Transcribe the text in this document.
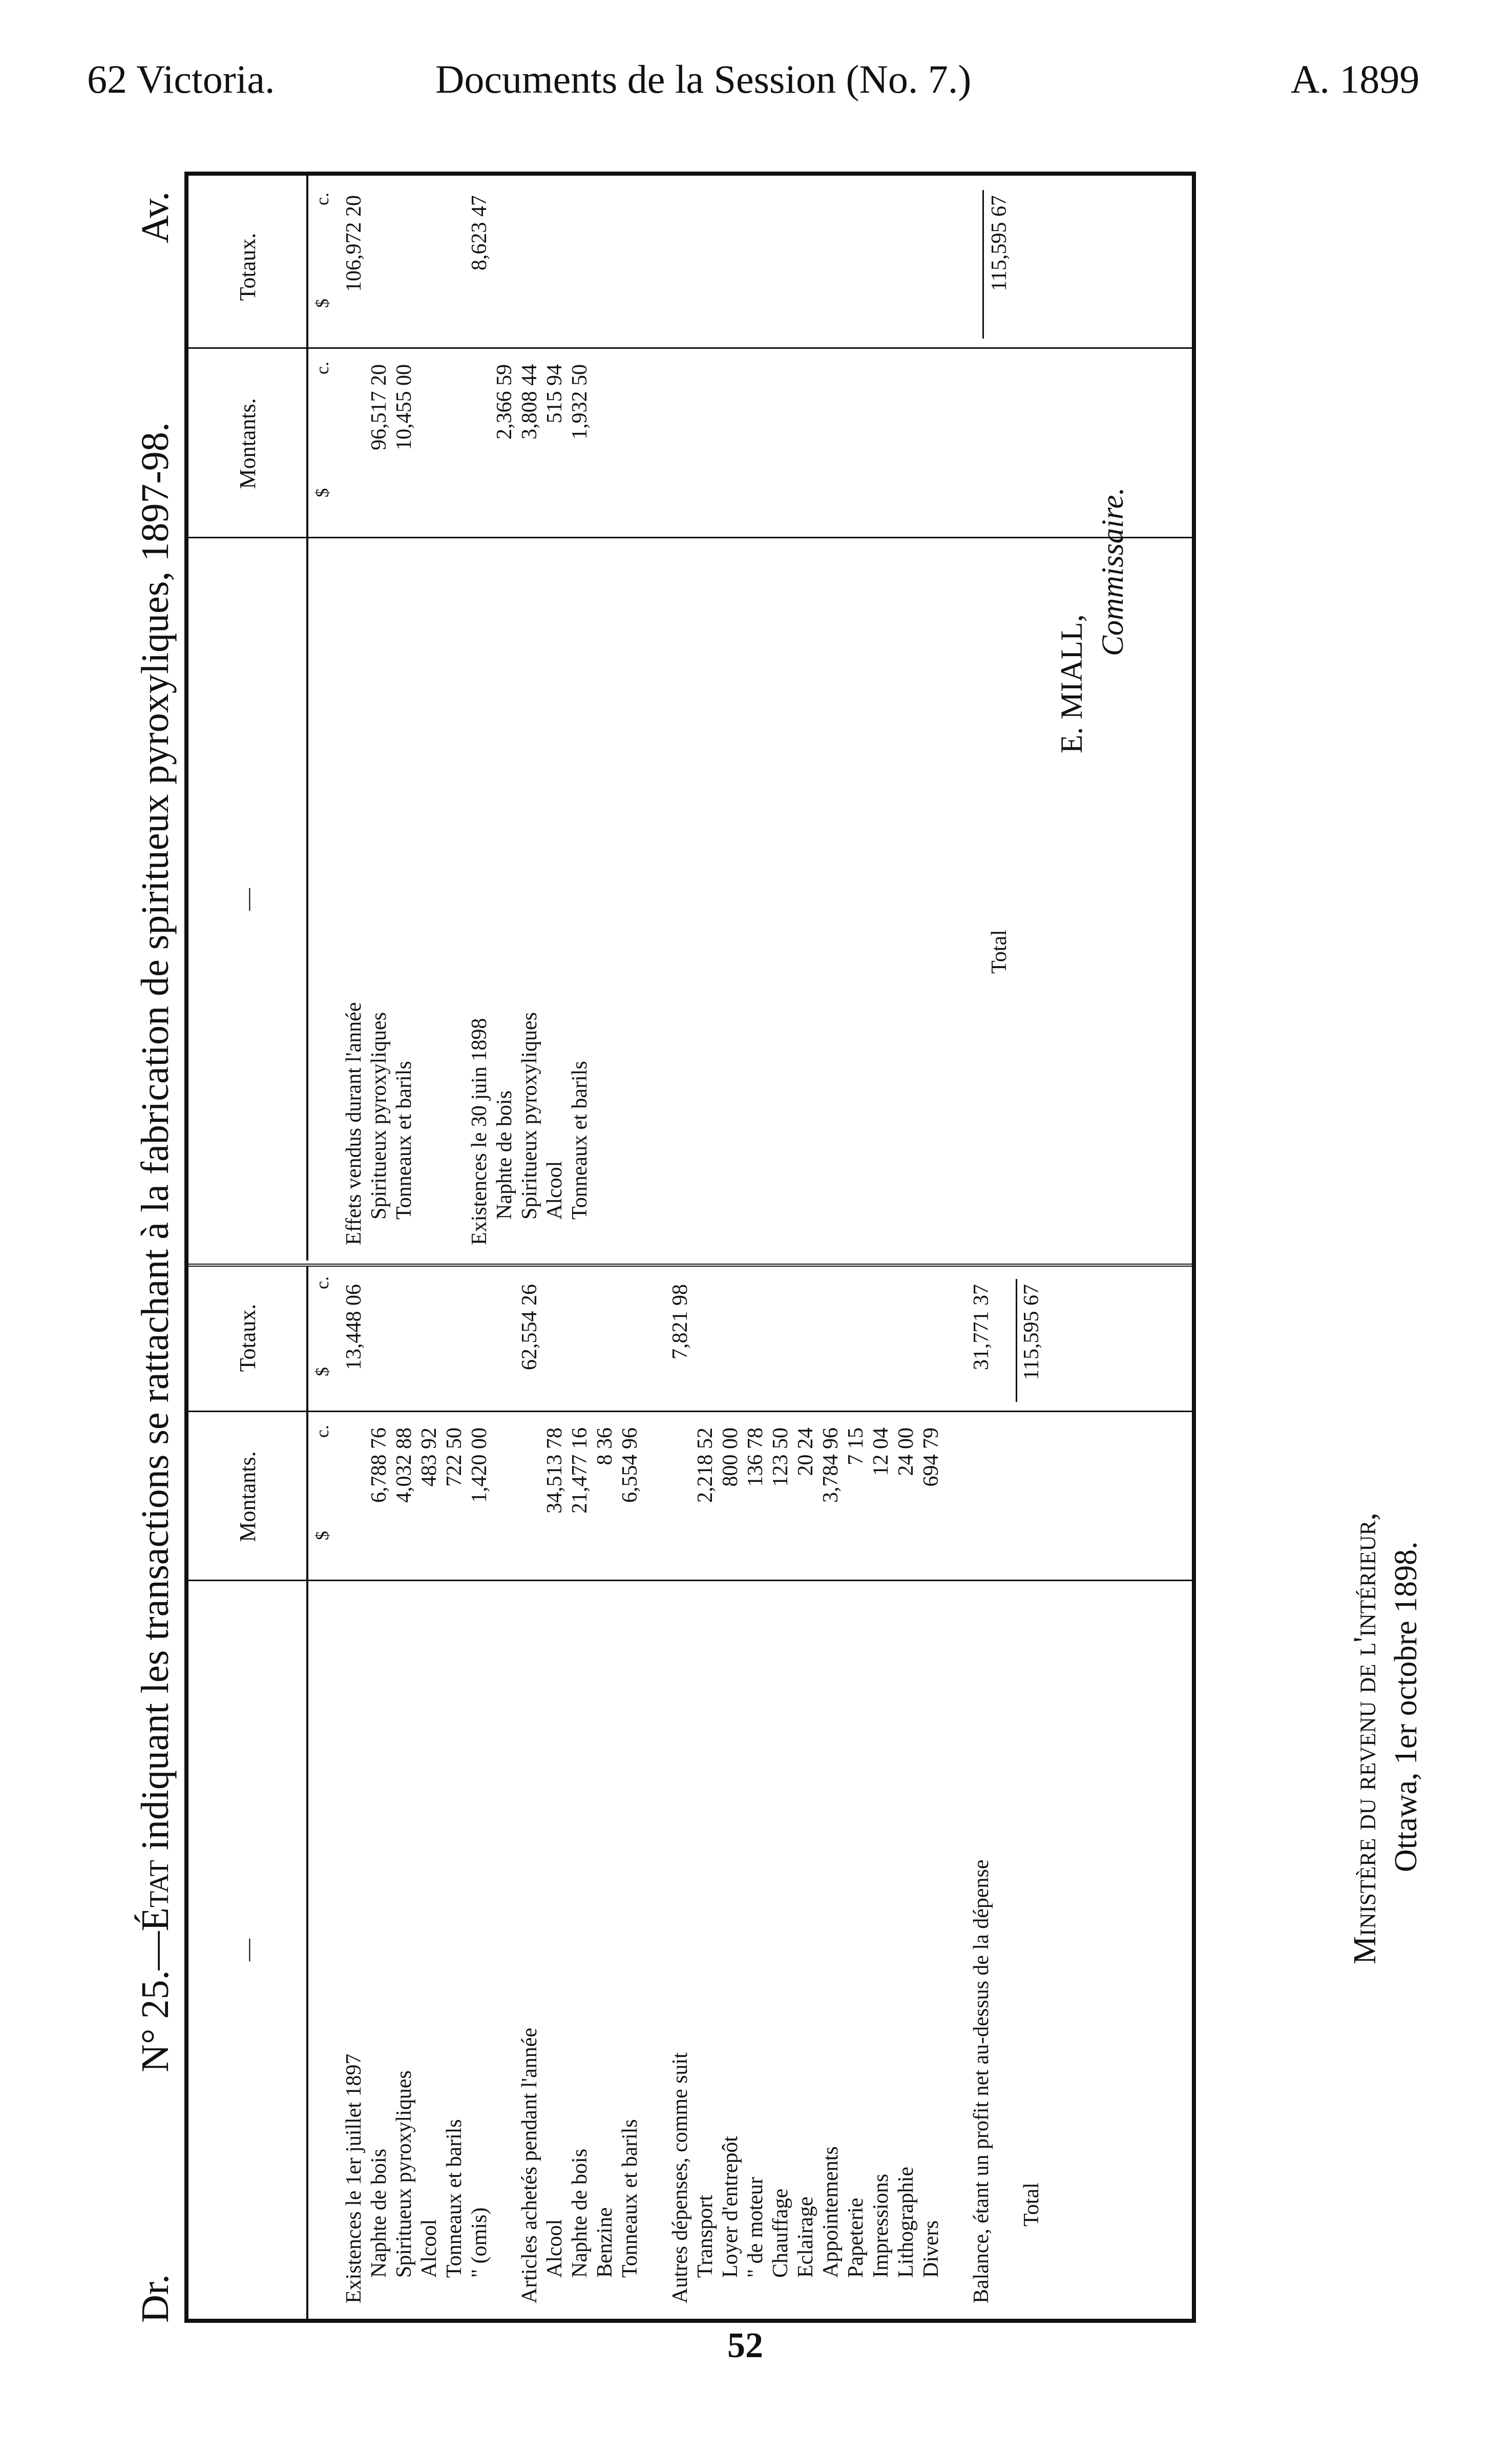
62 Victoria.	Documents de la Session (No. 7.)	A. 1899
Dr.
N° 25.—État indiquant les transactions se rattachant à la fabrication de spiritueux pyroxyliques, 1897-98.
Av.
—
Montants.
Totaux.
$
c.
$
c.
Existences le 1er juillet 1897
13,448 06
Naphte de bois
6,788 76
Spiritueux pyroxyliques
4,032 88
Alcool
483 92
Tonneaux et barils
722 50
" (omis)
1,420 00
Articles achetés pendant l'année
62,554 26
Alcool
34,513 78
Naphte de bois
21,477 16
Benzine
8 36
Tonneaux et barils
6,554 96
Autres dépenses, comme suit
7,821 98
Transport
2,218 52
Loyer d'entrepôt
800 00
" de moteur
136 78
Chauffage
123 50
Eclairage
20 24
Appointements
3,784 96
Papeterie
7 15
Impressions
12 04
Lithographie
24 00
Divers
694 79
Balance, étant un profit net au-dessus de la dépense
31,771 37
Total
115,595 67
—
Montants.
Totaux.
$
c.
$
c.
Effets vendus durant l'année
106,972 20
Spiritueux pyroxyliques
96,517 20
Tonneaux et barils
10,455 00
Existences le 30 juin 1898
8,623 47
Naphte de bois
2,366 59
Spiritueux pyroxyliques
3,808 44
Alcool
515 94
Tonneaux et barils
1,932 50
Total
115,595 67
E. MIALL,
Commissaire.
Ministère du revenu de l'intérieur, Ottawa, 1er octobre 1898.
52
